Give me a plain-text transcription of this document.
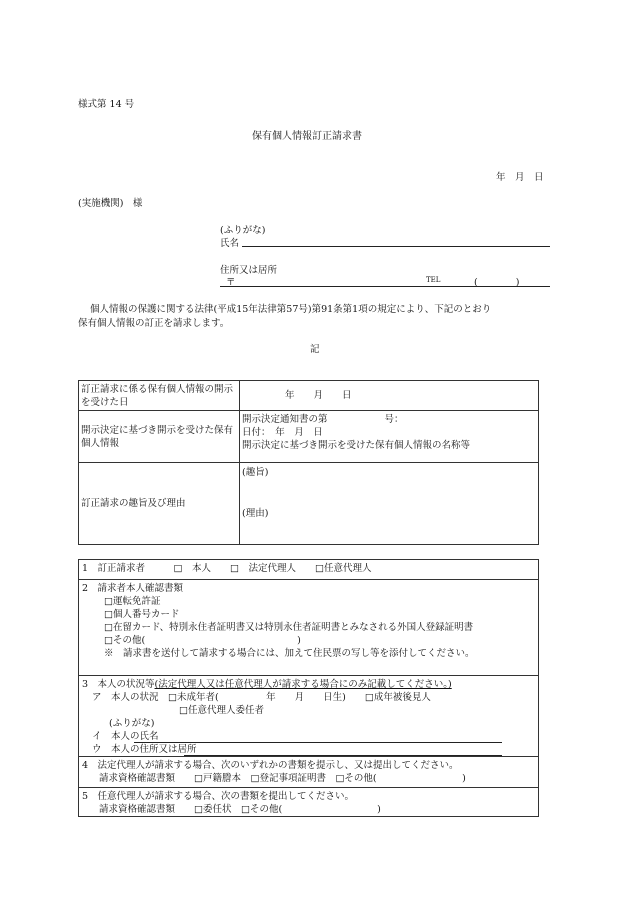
様式第 14 号
保有個人情報訂正請求書
年　月　日
(実施機関)　様
(ふりがな)
氏名
住所又は居所
〒	TEL	(　　　　)
個人情報の保護に関する法律(平成15年法律第57号)第91条第1項の規定により、下記のとおり
保有個人情報の訂正を請求します。
記
訂正請求に係る保有個人情報の開示を受けた日	年　　月　　日
開示決定に基づき開示を受けた保有個人情報	開示決定通知書の第　　　　　　号：
日付：　年　月　日
開示決定に基づき開示を受けた保有個人情報の名称等

訂正請求の趣旨及び理由	(趣旨)
(理由)
1　訂正請求者　　　□　本人　　□　法定代理人　　□任意代理人
2　請求者本人確認書類
□運転免許証
□個人番号カード
□在留カード、特別永住者証明書又は特別永住者証明書とみなされる外国人登録証明書
□その他(　　　　　　　　　　　　　　　　)
※　請求書を送付して請求する場合には、加えて住民票の写し等を添付してください。
3　本人の状況等(法定代理人又は任意代理人が請求する場合にのみ記載してください。)
ア　本人の状況　□未成年者(　　　　　年　　月　　日生)　　□成年被後見人
□任意代理人委任者
(ふりがな)
イ　本人の氏名
ウ　本人の住所又は居所
4　法定代理人が請求する場合、次のいずれかの書類を提示し、又は提出してください。
請求資格確認書類　　□戸籍謄本　□登記事項証明書　□その他(　　　　　　　　　)
5　任意代理人が請求する場合、次の書類を提出してください。
請求資格確認書類　　□委任状　□その他(　　　　　　　　　　)
